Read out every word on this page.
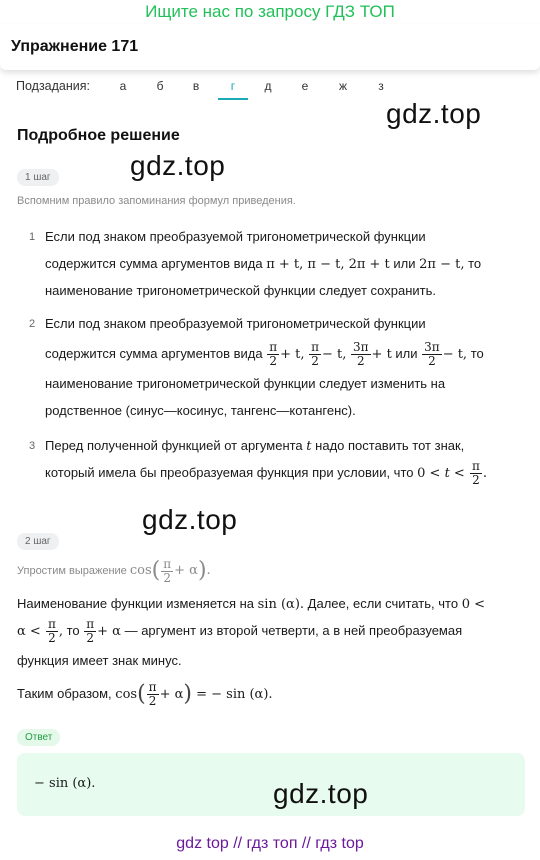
Ищите нас по запросу ГДЗ ТОП
Упражнение 171
Подзадания:	а	б	в	г	д	е	ж	з
gdz.top
Подробное решение
gdz.top
1 шаг
Вспомним правило запоминания формул приведения.
1 Если под знаком преобразуемой тригонометрической функции
содержится сумма аргументов вида π + t, π − t, 2π + t или 2π − t, то
наименование тригонометрической функции следует сохранить.
2 Если под знаком преобразуемой тригонометрической функции
содержится сумма аргументов вида $\frac{\pi}{2} + t$, $\frac{\pi}{2} - t$, $\frac{3\pi}{2} + t$ или $\frac{3\pi}{2} - t$, то
наименование тригонометрической функции следует изменить на
родственное (синус—косинус, тангенс—котангенс).
3 Перед полученной функцией от аргумента t надо поставить тот знак,
который имела бы преобразуемая функция при условии, что $0 < t < \frac{\pi}{2}$ .
gdz.top
2 шаг
Упростим выражение $\cos( \frac{\pi}{2} + \alpha)$.
Наименование функции изменяется на sin (α). Далее, если считать, что 0 <
$\alpha < \frac{\pi}{2}$ , то $\frac{\pi}{2} + \alpha$ — аргумент из второй четверти, а в ней преобразуемая
функция имеет знак минус.
Таким образом, $\cos( \frac{\pi}{2} + \alpha)$ = − sin (α).
Ответ
− sin (α).	gdz.top
gdz top // гдз топ // гдз top
